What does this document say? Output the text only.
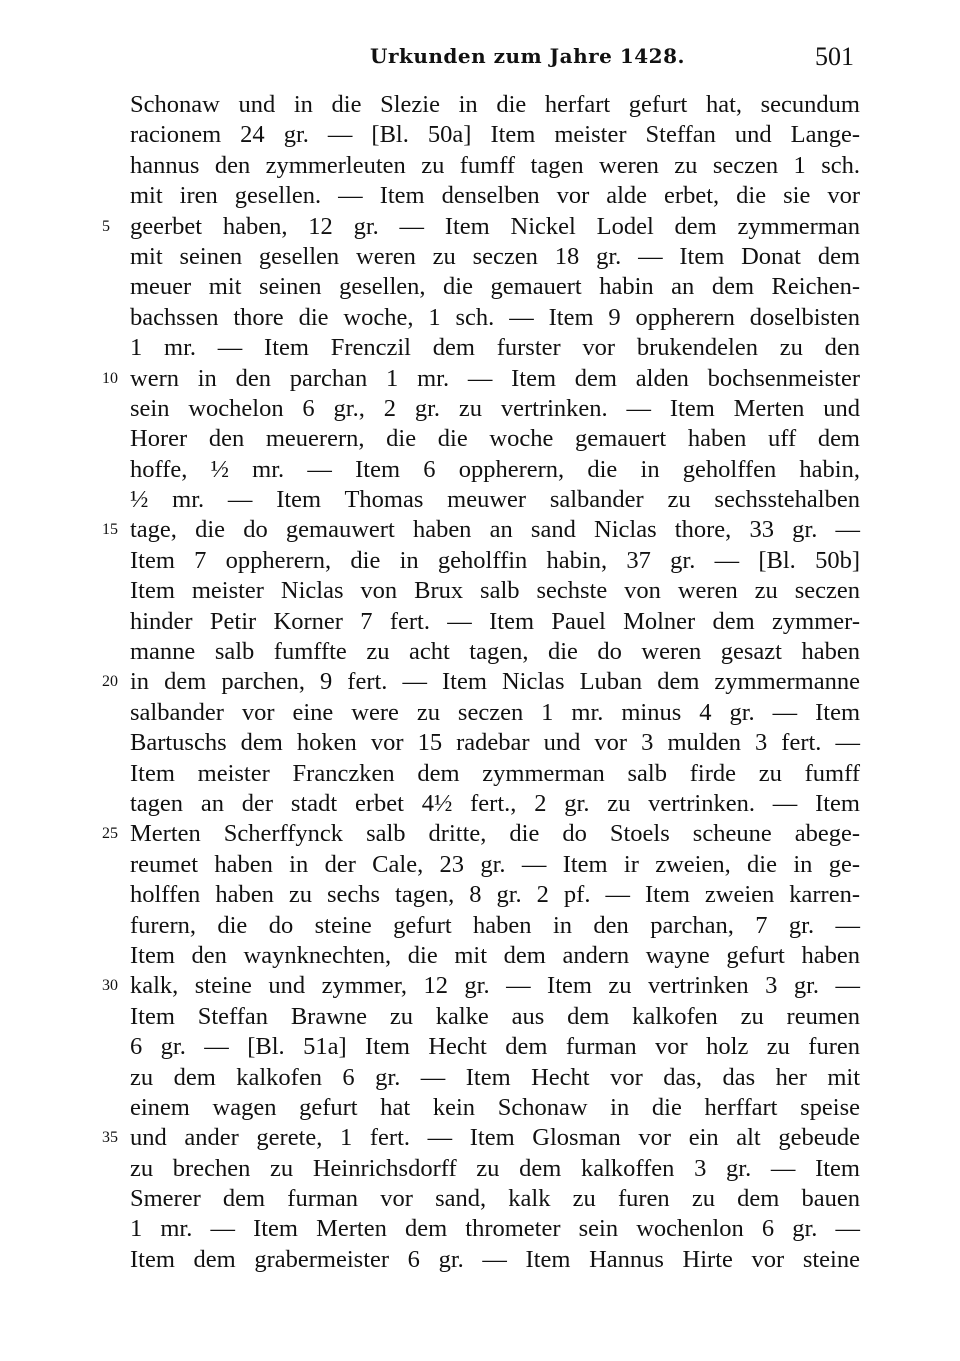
Urkunden zum Jahre 1428.	501
Schonaw und in die Slezie in die herfart gefurt hat, secundum
racionem 24 gr. — [Bl. 50a] Item meister Steffan und Lange-
hannus den zymmerleuten zu fumff tagen weren zu seczen 1 sch.
mit iren gesellen. — Item denselben vor alde erbet, die sie vor
5 geerbet haben, 12 gr. — Item Nickel Lodel dem zymmerman
mit seinen gesellen weren zu seczen 18 gr. — Item Donat dem
meuer mit seinen gesellen, die gemauert habin an dem Reichen-
bachssen thore die woche, 1 sch. — Item 9 oppherern doselbisten
1 mr. — Item Frenczil dem furster vor brukendelen zu den
10 wern in den parchan 1 mr. — Item dem alden bochsenmeister
sein wochelon 6 gr., 2 gr. zu vertrinken. — Item Merten und
Horer den meuerern, die die woche gemauert haben uff dem
hoffe, ½ mr. — Item 6 oppherern, die in geholffen habin,
½ mr. — Item Thomas meuwer salbander zu sechsstehalben
15 tage, die do gemauwert haben an sand Niclas thore, 33 gr. —
Item 7 oppherern, die in geholffin habin, 37 gr. — [Bl. 50b]
Item meister Niclas von Brux salb sechste von weren zu seczen
hinder Petir Korner 7 fert. — Item Pauel Molner dem zymmer-
manne salb fumffte zu acht tagen, die do weren gesazt haben
20 in dem parchen, 9 fert. — Item Niclas Luban dem zymmermanne
salbander vor eine were zu seczen 1 mr. minus 4 gr. — Item
Bartuschs dem hoken vor 15 radebar und vor 3 mulden 3 fert. —
Item meister Franczken dem zymmerman salb firde zu fumff
tagen an der stadt erbet 4½ fert., 2 gr. zu vertrinken. — Item
25 Merten Scherffynck salb dritte, die do Stoels scheune abege-
reumet haben in der Cale, 23 gr. — Item ir zweien, die in ge-
holffen haben zu sechs tagen, 8 gr. 2 pf. — Item zweien karren-
furern, die do steine gefurt haben in den parchan, 7 gr. —
Item den waynknechten, die mit dem andern wayne gefurt haben
30 kalk, steine und zymmer, 12 gr. — Item zu vertrinken 3 gr. —
Item Steffan Brawne zu kalke aus dem kalkofen zu reumen
6 gr. — [Bl. 51a] Item Hecht dem furman vor holz zu furen
zu dem kalkofen 6 gr. — Item Hecht vor das, das her mit
einem wagen gefurt hat kein Schonaw in die herffart speise
35 und ander gerete, 1 fert. — Item Glosman vor ein alt gebeude
zu brechen zu Heinrichsdorff zu dem kalkoffen 3 gr. — Item
Smerer dem furman vor sand, kalk zu furen zu dem bauen
1 mr. — Item Merten dem thrometer sein wochenlon 6 gr. —
Item dem grabermeister 6 gr. — Item Hannus Hirte vor steine
